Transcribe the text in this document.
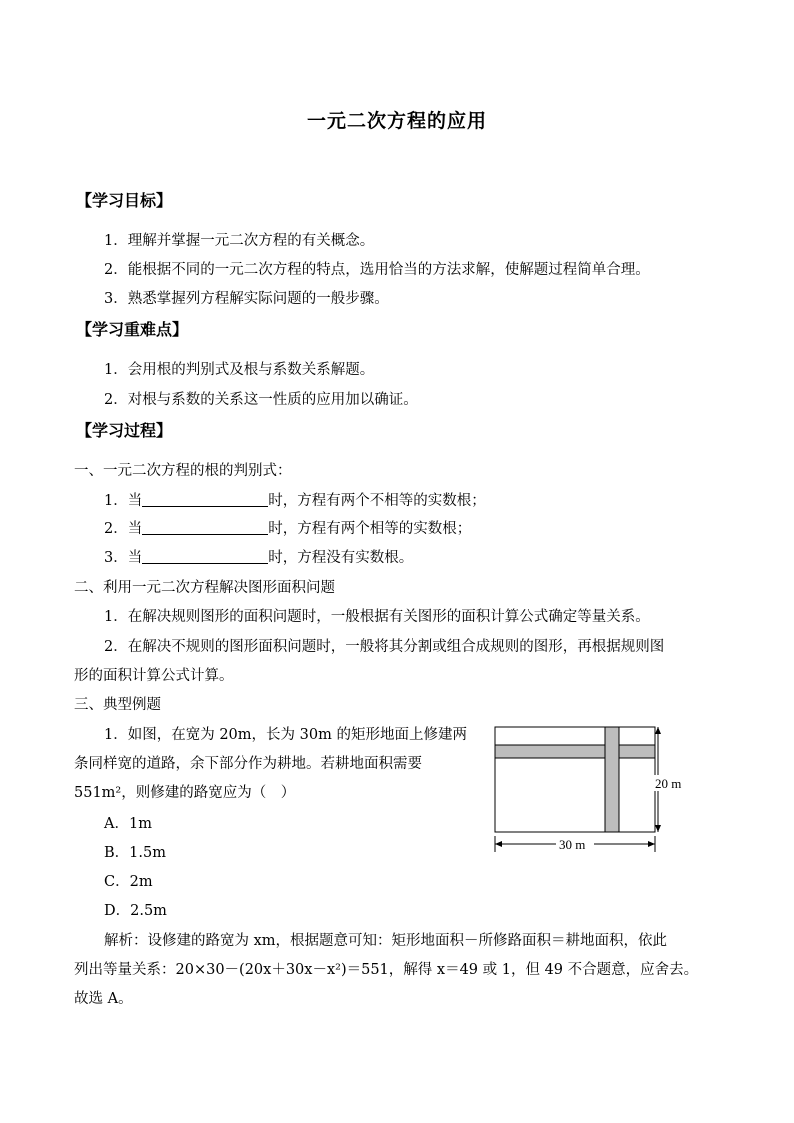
一元二次方程的应用
【学习目标】
1．理解并掌握一元二次方程的有关概念。
2．能根据不同的一元二次方程的特点，选用恰当的方法求解，使解题过程简单合理。
3．熟悉掌握列方程解实际问题的一般步骤。
【学习重难点】
1．会用根的判别式及根与系数关系解题。
2．对根与系数的关系这一性质的应用加以确证。
【学习过程】
一、一元二次方程的根的判别式：
1．当	时，方程有两个不相等的实数根；
2．当	时，方程有两个相等的实数根；
3．当	时，方程没有实数根。
二、利用一元二次方程解决图形面积问题
1．在解决规则图形的面积问题时，一般根据有关图形的面积计算公式确定等量关系。
2．在解决不规则的图形面积问题时，一般将其分割或组合成规则的图形，再根据规则图
形的面积计算公式计算。
三、典型例题
1．如图，在宽为 20m，长为 30m 的矩形地面上修建两
条同样宽的道路，余下部分作为耕地。若耕地面积需要
551m²，则修建的路宽应为（　）
A．1m
B．1.5m
C．2m
D．2.5m
解析：设修建的路宽为 xm，根据题意可知：矩形地面积－所修路面积＝耕地面积，依此
列出等量关系：20×30－(20x＋30x－x²)＝551，解得 x＝49 或 1，但 49 不合题意，应舍去。
故选 A。
20 m
30 m
